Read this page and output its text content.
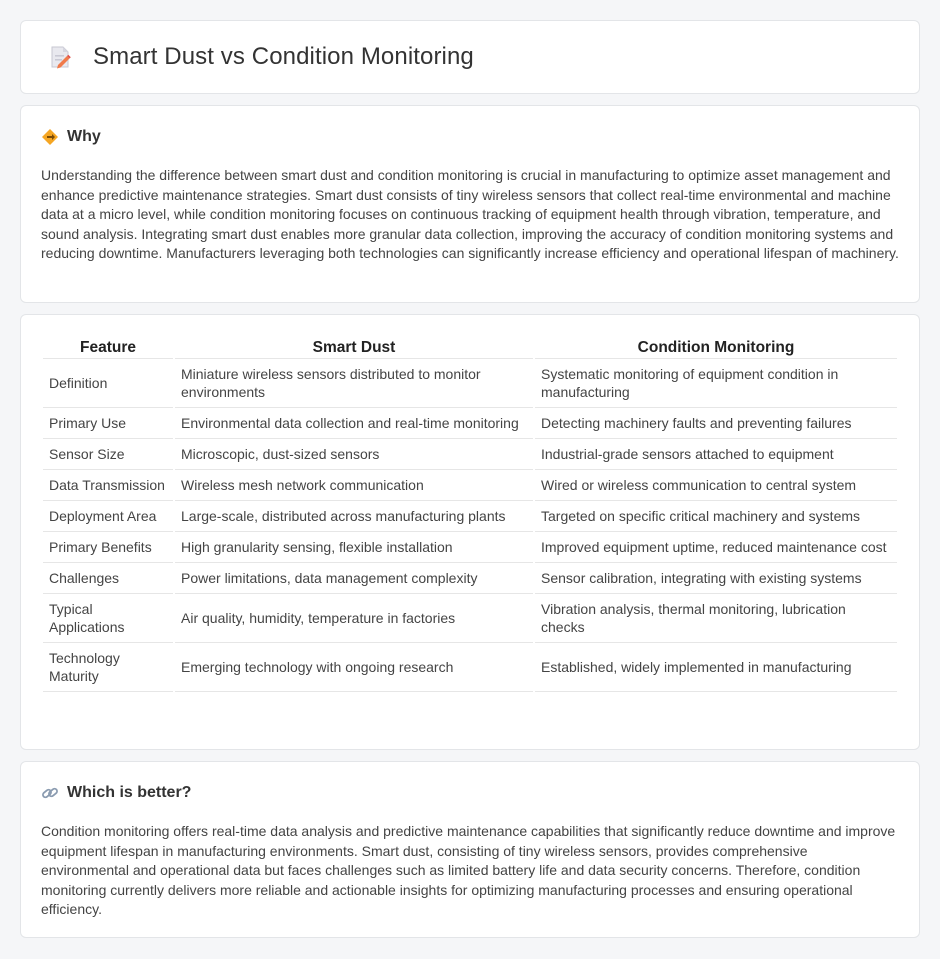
Smart Dust vs Condition Monitoring
Why

Understanding the difference between smart dust and condition monitoring is crucial in manufacturing to optimize asset management and enhance predictive maintenance strategies. Smart dust consists of tiny wireless sensors that collect real-time environmental and machine data at a micro level, while condition monitoring focuses on continuous tracking of equipment health through vibration, temperature, and sound analysis. Integrating smart dust enables more granular data collection, improving the accuracy of condition monitoring systems and reducing downtime. Manufacturers leveraging both technologies can significantly increase efficiency and operational lifespan of machinery.

Feature	Smart Dust	Condition Monitoring
Definition	Miniature wireless sensors distributed to monitor environments	Systematic monitoring of equipment condition in manufacturing
Primary Use	Environmental data collection and real-time monitoring	Detecting machinery faults and preventing failures
Sensor Size	Microscopic, dust-sized sensors	Industrial-grade sensors attached to equipment
Data Transmission	Wireless mesh network communication	Wired or wireless communication to central system
Deployment Area	Large-scale, distributed across manufacturing plants	Targeted on specific critical machinery and systems
Primary Benefits	High granularity sensing, flexible installation	Improved equipment uptime, reduced maintenance cost
Challenges	Power limitations, data management complexity	Sensor calibration, integrating with existing systems
Typical Applications	Air quality, humidity, temperature in factories	Vibration analysis, thermal monitoring, lubrication checks
Technology Maturity	Emerging technology with ongoing research	Established, widely implemented in manufacturing
Which is better?

Condition monitoring offers real-time data analysis and predictive maintenance capabilities that significantly reduce downtime and improve equipment lifespan in manufacturing environments. Smart dust, consisting of tiny wireless sensors, provides comprehensive environmental and operational data but faces challenges such as limited battery life and data security concerns. Therefore, condition monitoring currently delivers more reliable and actionable insights for optimizing manufacturing processes and ensuring operational efficiency.
